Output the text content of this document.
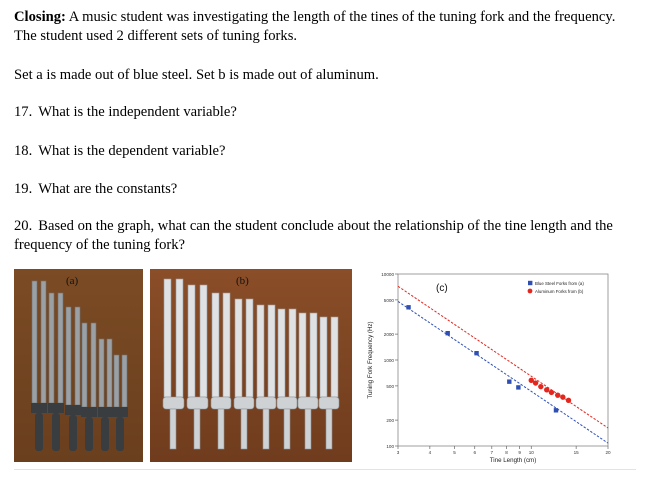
Closing: A music student was investigating the length of the tines of the tuning fork and the frequency. The student used 2 different sets of tuning forks.

Set a is made out of blue steel. Set b is made out of aluminum.

17. What is the independent variable?

18. What is the dependent variable?

19. What are the constants?

20. Based on the graph, what can the student conclude about the relationship of the tine length and the frequency of the tuning fork?

(a)	(b)
100
200
500
1000
2000
5000
10000
3	4	5	6	7	8 9 10	15	20
Tine Length (cm)
Tuning Fork Frequency (Hz)
(c)	Blue Steel Forks from (a)
Aluminum Forks from (b)
